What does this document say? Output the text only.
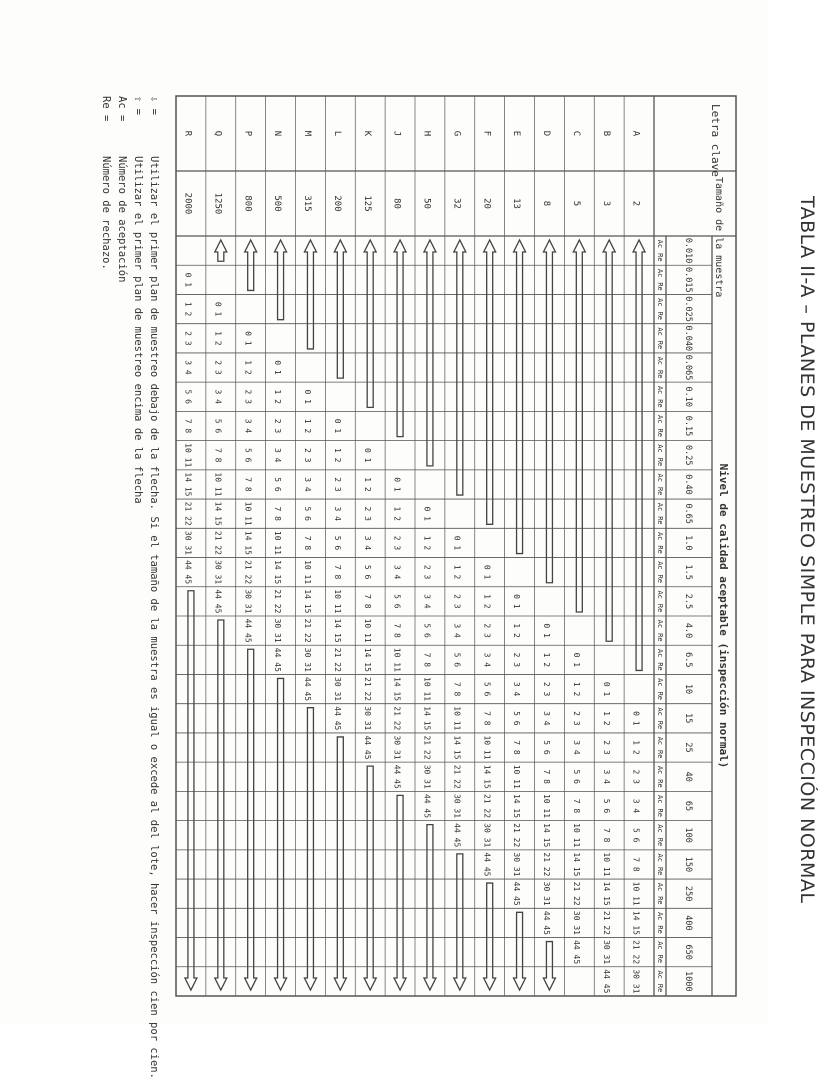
TABLA II-A – PLANES DE MUESTREO SIMPLE PARA INSPECCIÓN NORMAL
Letra clave
Tamaño de la muestra
Nivel de calidad aceptable (inspección normal)
0.010
Ac
Re
0.015
Ac
Re
0.025
Ac
Re
0.040
Ac
Re
0.065
Ac
Re
0.10
Ac
Re
0.15
Ac
Re
0.25
Ac
Re
0.40
Ac
Re
0.65
Ac
Re
1.0
Ac
Re
1.5
Ac
Re
2.5
Ac
Re
4.0
Ac
Re
6.5
Ac
Re
10
Ac
Re
15
Ac
Re
25
Ac
Re
40
Ac
Re
65
Ac
Re
100
Ac
Re
150
Ac
Re
250
Ac
Re
400
Ac
Re
650
Ac
Re
1000
Ac
Re
A
2
0 1
1 2
2 3
3 4
5 6
7 8
10 11
14 15
21 22
30 31
B
3
0 1
1 2
2 3
3 4
5 6
7 8
10 11
14 15
21 22
30 31
44 45
C
5
0 1
1 2
2 3
3 4
5 6
7 8
10 11
14 15
21 22
30 31
44 45
D
8
0 1
1 2
2 3
3 4
5 6
7 8
10 11
14 15
21 22
30 31
44 45
E
13
0 1
1 2
2 3
3 4
5 6
7 8
10 11
14 15
21 22
30 31
44 45
F
20
0 1
1 2
2 3
3 4
5 6
7 8
10 11
14 15
21 22
30 31
44 45
G
32
0 1
1 2
2 3
3 4
5 6
7 8
10 11
14 15
21 22
30 31
44 45
H
50
0 1
1 2
2 3
3 4
5 6
7 8
10 11
14 15
21 22
30 31
44 45
J
80
0 1
1 2
2 3
3 4
5 6
7 8
10 11
14 15
21 22
30 31
44 45
K
125
0 1
1 2
2 3
3 4
5 6
7 8
10 11
14 15
21 22
30 31
44 45
L
200
0 1
1 2
2 3
3 4
5 6
7 8
10 11
14 15
21 22
30 31
44 45
M
315
0 1
1 2
2 3
3 4
5 6
7 8
10 11
14 15
21 22
30 31
44 45
N
500
0 1
1 2
2 3
3 4
5 6
7 8
10 11
14 15
21 22
30 31
44 45
P
800
0 1
1 2
2 3
3 4
5 6
7 8
10 11
14 15
21 22
30 31
44 45
Q
1250
0 1
1 2
2 3
3 4
5 6
7 8
10 11
14 15
21 22
30 31
44 45
R
2000
0 1
1 2
2 3
3 4
5 6
7 8
10 11
14 15
21 22
30 31
44 45
⇩ =
Utilizar el primer plan de muestreo debajo de la flecha. Si el tamaño de la muestra es igual o excede al del lote, hacer inspección cien por cien.
⇧ =
Utilizar el primer plan de muestreo encima de la flecha
Ac =
Número de aceptación
Re =
Número de rechazo.
